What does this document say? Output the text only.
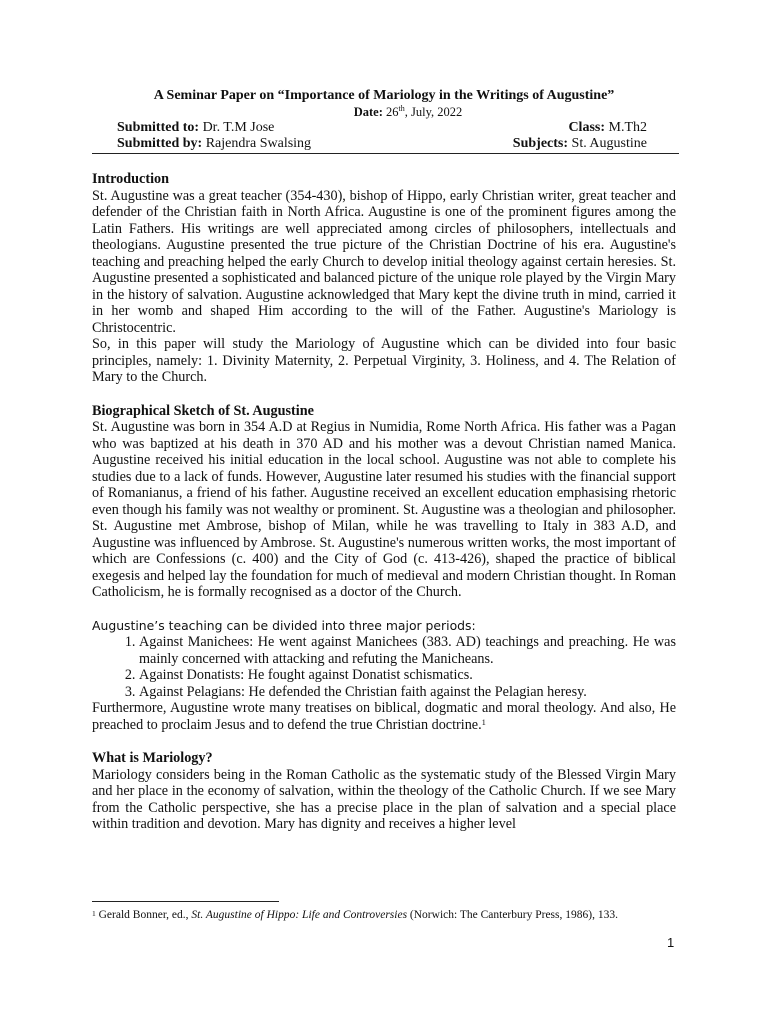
A Seminar Paper on “Importance of Mariology in the Writings of Augustine”
Date: 26th, July, 2022
Submitted to: Dr. T.M Jose	Class: M.Th2
Submitted by: Rajendra Swalsing	Subjects: St. Augustine

Introduction

St. Augustine was a great teacher (354-430), bishop of Hippo, early Christian writer, great teacher and defender of the Christian faith in North Africa. Augustine is one of the prominent figures among the Latin Fathers. His writings are well appreciated among circles of philosophers, intellectuals and theologians. Augustine presented the true picture of the Christian Doctrine of his era. Augustine's teaching and preaching helped the early Church to develop initial theology against certain heresies. St. Augustine presented a sophisticated and balanced picture of the unique role played by the Virgin Mary in the history of salvation. Augustine acknowledged that Mary kept the divine truth in mind, carried it in her womb and shaped Him according to the will of the Father. Augustine's Mariology is Christocentric.

So, in this paper will study the Mariology of Augustine which can be divided into four basic principles, namely: 1. Divinity Maternity, 2. Perpetual Virginity, 3. Holiness, and 4. The Relation of Mary to the Church.

Biographical Sketch of St. Augustine

St. Augustine was born in 354 A.D at Regius in Numidia, Rome North Africa. His father was a Pagan who was baptized at his death in 370 AD and his mother was a devout Christian named Manica. Augustine received his initial education in the local school. Augustine was not able to complete his studies due to a lack of funds. However, Augustine later resumed his studies with the financial support of Romanianus, a friend of his father. Augustine received an excellent education emphasising rhetoric even though his family was not wealthy or prominent. St. Augustine was a theologian and philosopher. St. Augustine met Ambrose, bishop of Milan, while he was travelling to Italy in 383 A.D, and Augustine was influenced by Ambrose. St. Augustine's numerous written works, the most important of which are Confessions (c. 400) and the City of God (c. 413-426), shaped the practice of biblical exegesis and helped lay the foundation for much of medieval and modern Christian thought. In Roman Catholicism, he is formally recognised as a doctor of the Church.

Augustine’s teaching can be divided into three major periods:

1. Against Manichees: He went against Manichees (383. AD) teachings and preaching. He was mainly concerned with attacking and refuting the Manicheans.
2. Against Donatists: He fought against Donatist schismatics.
3. Against Pelagians: He defended the Christian faith against the Pelagian heresy.

Furthermore, Augustine wrote many treatises on biblical, dogmatic and moral theology. And also, He preached to proclaim Jesus and to defend the true Christian doctrine.$^1$

What is Mariology?

Mariology considers being in the Roman Catholic as the systematic study of the Blessed Virgin Mary and her place in the economy of salvation, within the theology of the Catholic Church. If we see Mary from the Catholic perspective, she has a precise place in the plan of salvation and a special place within tradition and devotion. Mary has dignity and receives a higher level

$^1$ Gerald Bonner, ed., St. Augustine of Hippo: Life and Controversies (Norwich: The Canterbury Press, 1986), 133.
1
